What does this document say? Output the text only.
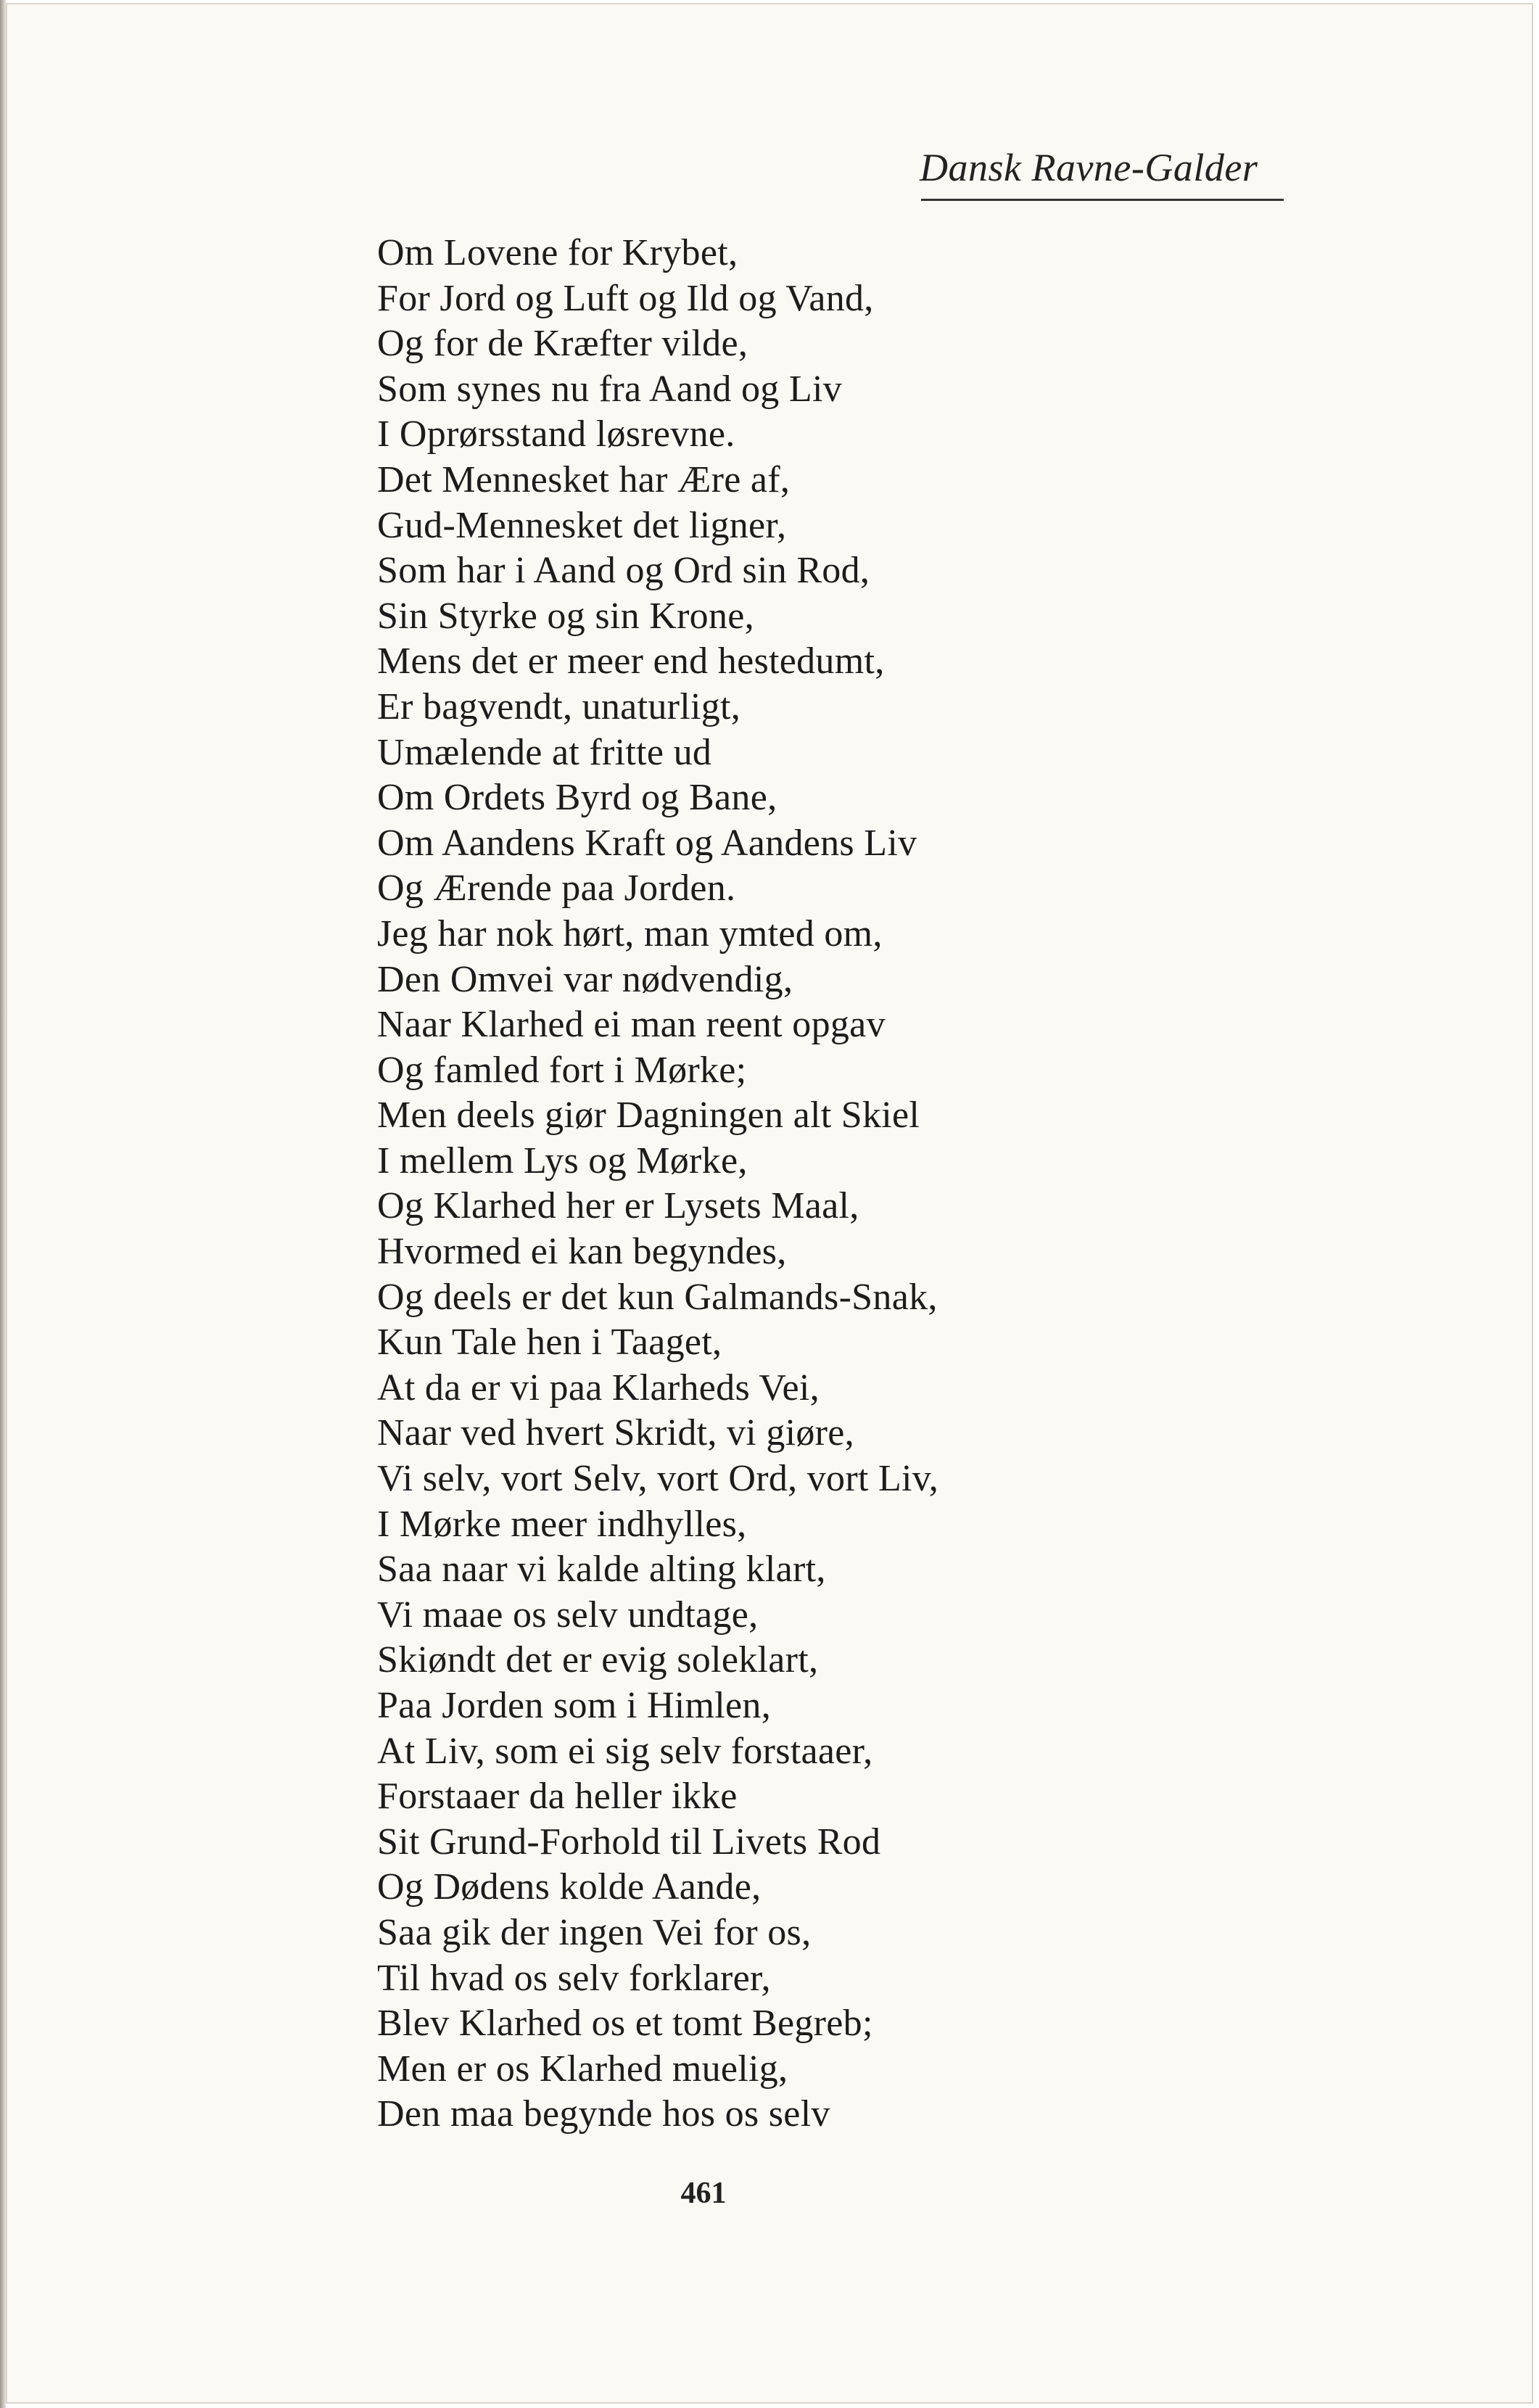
Dansk Ravne-Galder
Om Lovene for Krybet,
For Jord og Luft og Ild og Vand,
Og for de Kræfter vilde,
Som synes nu fra Aand og Liv
I Oprørsstand løsrevne.
Det Mennesket har Ære af,
Gud-Mennesket det ligner,
Som har i Aand og Ord sin Rod,
Sin Styrke og sin Krone,
Mens det er meer end hestedumt,
Er bagvendt, unaturligt,
Umælende at fritte ud
Om Ordets Byrd og Bane,
Om Aandens Kraft og Aandens Liv
Og Ærende paa Jorden.
Jeg har nok hørt, man ymted om,
Den Omvei var nødvendig,
Naar Klarhed ei man reent opgav
Og famled fort i Mørke;
Men deels giør Dagningen alt Skiel
I mellem Lys og Mørke,
Og Klarhed her er Lysets Maal,
Hvormed ei kan begyndes,
Og deels er det kun Galmands-Snak,
Kun Tale hen i Taaget,
At da er vi paa Klarheds Vei,
Naar ved hvert Skridt, vi giøre,
Vi selv, vort Selv, vort Ord, vort Liv,
I Mørke meer indhylles,
Saa naar vi kalde alting klart,
Vi maae os selv undtage,
Skiøndt det er evig soleklart,
Paa Jorden som i Himlen,
At Liv, som ei sig selv forstaaer,
Forstaaer da heller ikke
Sit Grund-Forhold til Livets Rod
Og Dødens kolde Aande,
Saa gik der ingen Vei for os,
Til hvad os selv forklarer,
Blev Klarhed os et tomt Begreb;
Men er os Klarhed muelig,
Den maa begynde hos os selv
461
